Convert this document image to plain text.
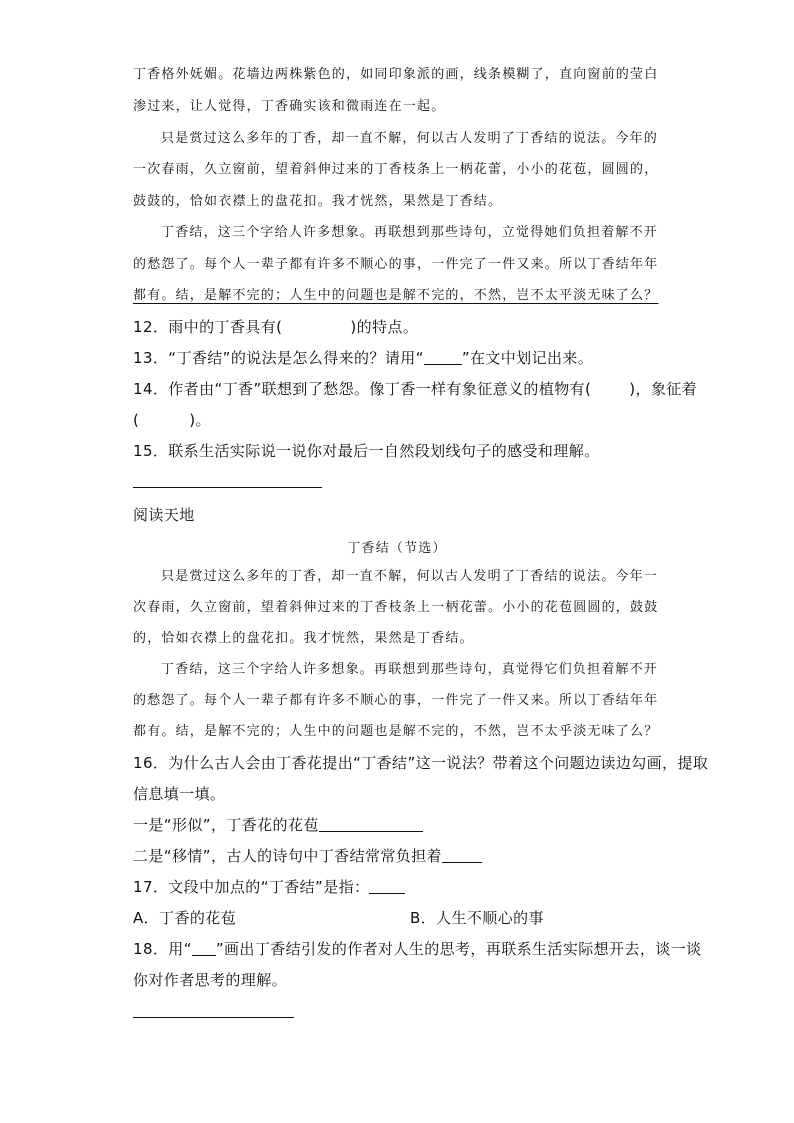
丁香格外妩媚。花墙边两株紫色的，如同印象派的画，线条模糊了，直向窗前的莹白
渗过来，让人觉得，丁香确实该和微雨连在一起。
只是赏过这么多年的丁香，却一直不解，何以古人发明了丁香结的说法。今年的
一次春雨，久立窗前，望着斜伸过来的丁香枝条上一柄花蕾，小小的花苞，圆圆的，
鼓鼓的，恰如衣襟上的盘花扣。我才恍然，果然是丁香结。
丁香结，这三个字给人许多想象。再联想到那些诗句，立觉得她们负担着解不开
的愁怨了。每个人一辈子都有许多不顺心的事，一件完了一件又来。所以丁香结年年
都有。结，是解不完的；人生中的问题也是解不完的，不然，岂不太平淡无味了么？
12．雨中的丁香具有(	)的特点。
13．“丁香结”的说法是怎么得来的？请用“	”在文中划记出来。
14．作者由“丁香”联想到了愁怨。像丁香一样有象征意义的植物有(	)，象征着
(	)。
15．联系生活实际说一说你对最后一自然段划线句子的感受和理解。
阅读天地
丁香结（节选）
只是赏过这么多年的丁香，却一直不解，何以古人发明了丁香结的说法。今年一
次春雨，久立窗前，望着斜伸过来的丁香枝条上一柄花蕾。小小的花苞圆圆的，鼓鼓
的，恰如衣襟上的盘花扣。我才恍然，果然是丁香结。
丁香结，这三个字给人许多想象。再联想到那些诗句，真觉得它们负担着解不开
的愁怨了。每个人一辈子都有许多不顺心的事，一件完了一件又来。所以丁香结年年
都有。结，是解不完的；人生中的问题也是解不完的，不然，岂不太乎淡无味了么？
16．为什么古人会由丁香花提出“丁香结”这一说法？带着这个问题边读边勾画，提取
信息填一填。
一是“形似”，丁香花的花苞
二是“移情”，古人的诗句中丁香结常常负担着
17．文段中加点的“丁香结”是指：
A．丁香的花苞	B．人生不顺心的事
18．用“ ”画出丁香结引发的作者对人生的思考，再联系生活实际想开去，谈一谈
你对作者思考的理解。
